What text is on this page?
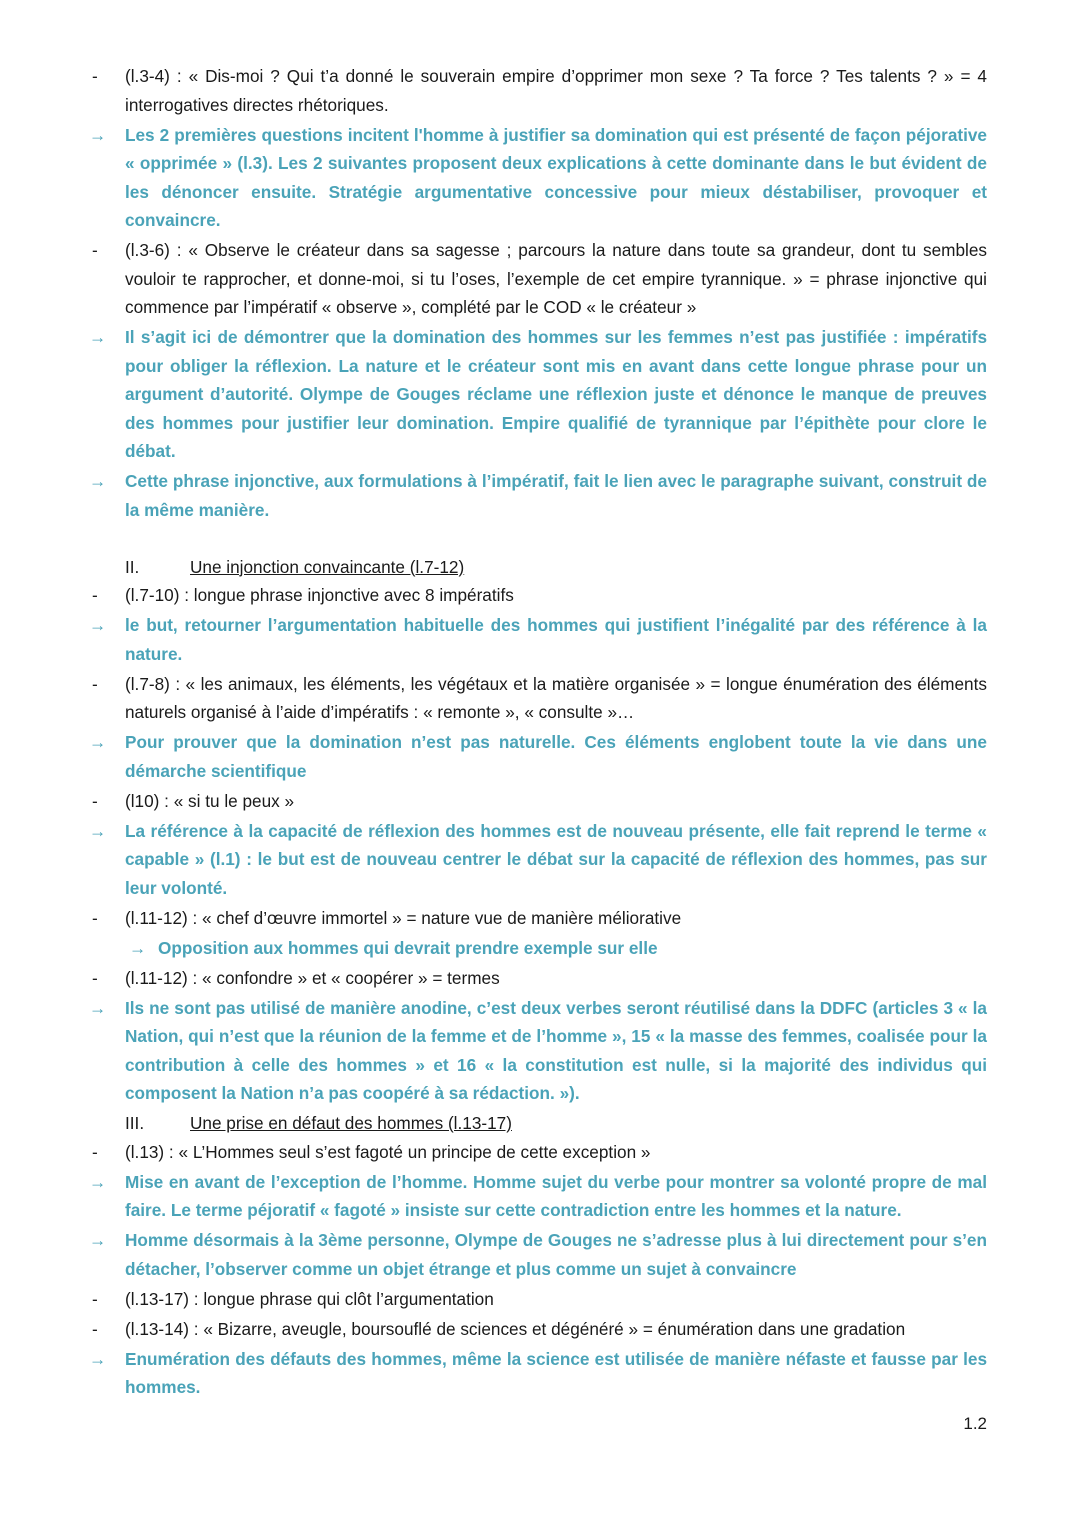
-	(l.3-4) : « Dis-moi ? Qui t’a donné le souverain empire d’opprimer mon sexe ? Ta force ? Tes talents ? » = 4 interrogatives directes rhétoriques.
→	Les 2 premières questions incitent l'homme à justifier sa domination qui est présenté de façon péjorative « opprimée » (l.3). Les 2 suivantes proposent deux explications à cette dominante dans le but évident de les dénoncer ensuite. Stratégie argumentative concessive pour mieux déstabiliser, provoquer et convaincre.
-	(l.3-6) : « Observe le créateur dans sa sagesse ; parcours la nature dans toute sa grandeur, dont tu sembles vouloir te rapprocher, et donne-moi, si tu l’oses, l’exemple de cet empire tyrannique. » = phrase injonctive qui commence par l’impératif « observe », complété par le COD « le créateur »
→	Il s’agit ici de démontrer que la domination des hommes sur les femmes n’est pas justifiée : impératifs pour obliger la réflexion. La nature et le créateur sont mis en avant dans cette longue phrase pour un argument d’autorité. Olympe de Gouges réclame une réflexion juste et dénonce le manque de preuves des hommes pour justifier leur domination. Empire qualifié de tyrannique par l’épithète pour clore le débat.
→	Cette phrase injonctive, aux formulations à l’impératif, fait le lien avec le paragraphe suivant, construit de la même manière.
II.	Une injonction convaincante (l.7-12)
-	(l.7-10) : longue phrase injonctive avec 8 impératifs
→	le but, retourner l’argumentation habituelle des hommes qui justifient l’inégalité par des référence à la nature.
-	(l.7-8) : « les animaux, les éléments, les végétaux et la matière organisée » = longue énumération des éléments naturels organisé à l’aide d’impératifs : « remonte », « consulte »…
→	Pour prouver que la domination n’est pas naturelle. Ces éléments englobent toute la vie dans une démarche scientifique
-	(l10) : « si tu le peux »
→	La référence à la capacité de réflexion des hommes est de nouveau présente, elle fait reprend le terme « capable » (l.1) : le but est de nouveau centrer le débat sur la capacité de réflexion des hommes, pas sur leur volonté.
-	(l.11-12) : « chef d’œuvre immortel » = nature vue de manière méliorative
→ Opposition aux hommes qui devrait prendre exemple sur elle
-	(l.11-12) : « confondre » et « coopérer » = termes
→	Ils ne sont pas utilisé de manière anodine, c’est deux verbes seront réutilisé dans la DDFC (articles 3 « la Nation, qui n’est que la réunion de la femme et de l’homme », 15 « la masse des femmes, coalisée pour la contribution à celle des hommes » et 16 « la constitution est nulle, si la majorité des individus qui composent la Nation n’a pas coopéré à sa rédaction. »).
III.	Une prise en défaut des hommes (l.13-17)
-	(l.13) : « L’Hommes seul s’est fagoté un principe de cette exception »
→	Mise en avant de l’exception de l’homme. Homme sujet du verbe pour montrer sa volonté propre de mal faire. Le terme péjoratif « fagoté » insiste sur cette contradiction entre les hommes et la nature.
→	Homme désormais à la 3ème personne, Olympe de Gouges ne s’adresse plus à lui directement pour s’en détacher, l’observer comme un objet étrange et plus comme un sujet à convaincre
-	(l.13-17) : longue phrase qui clôt l’argumentation
-	(l.13-14) : « Bizarre, aveugle, boursouflé de sciences et dégénéré » = énumération dans une gradation
→	Enumération des défauts des hommes, même la science est utilisée de manière néfaste et fausse par les hommes.
1.2
